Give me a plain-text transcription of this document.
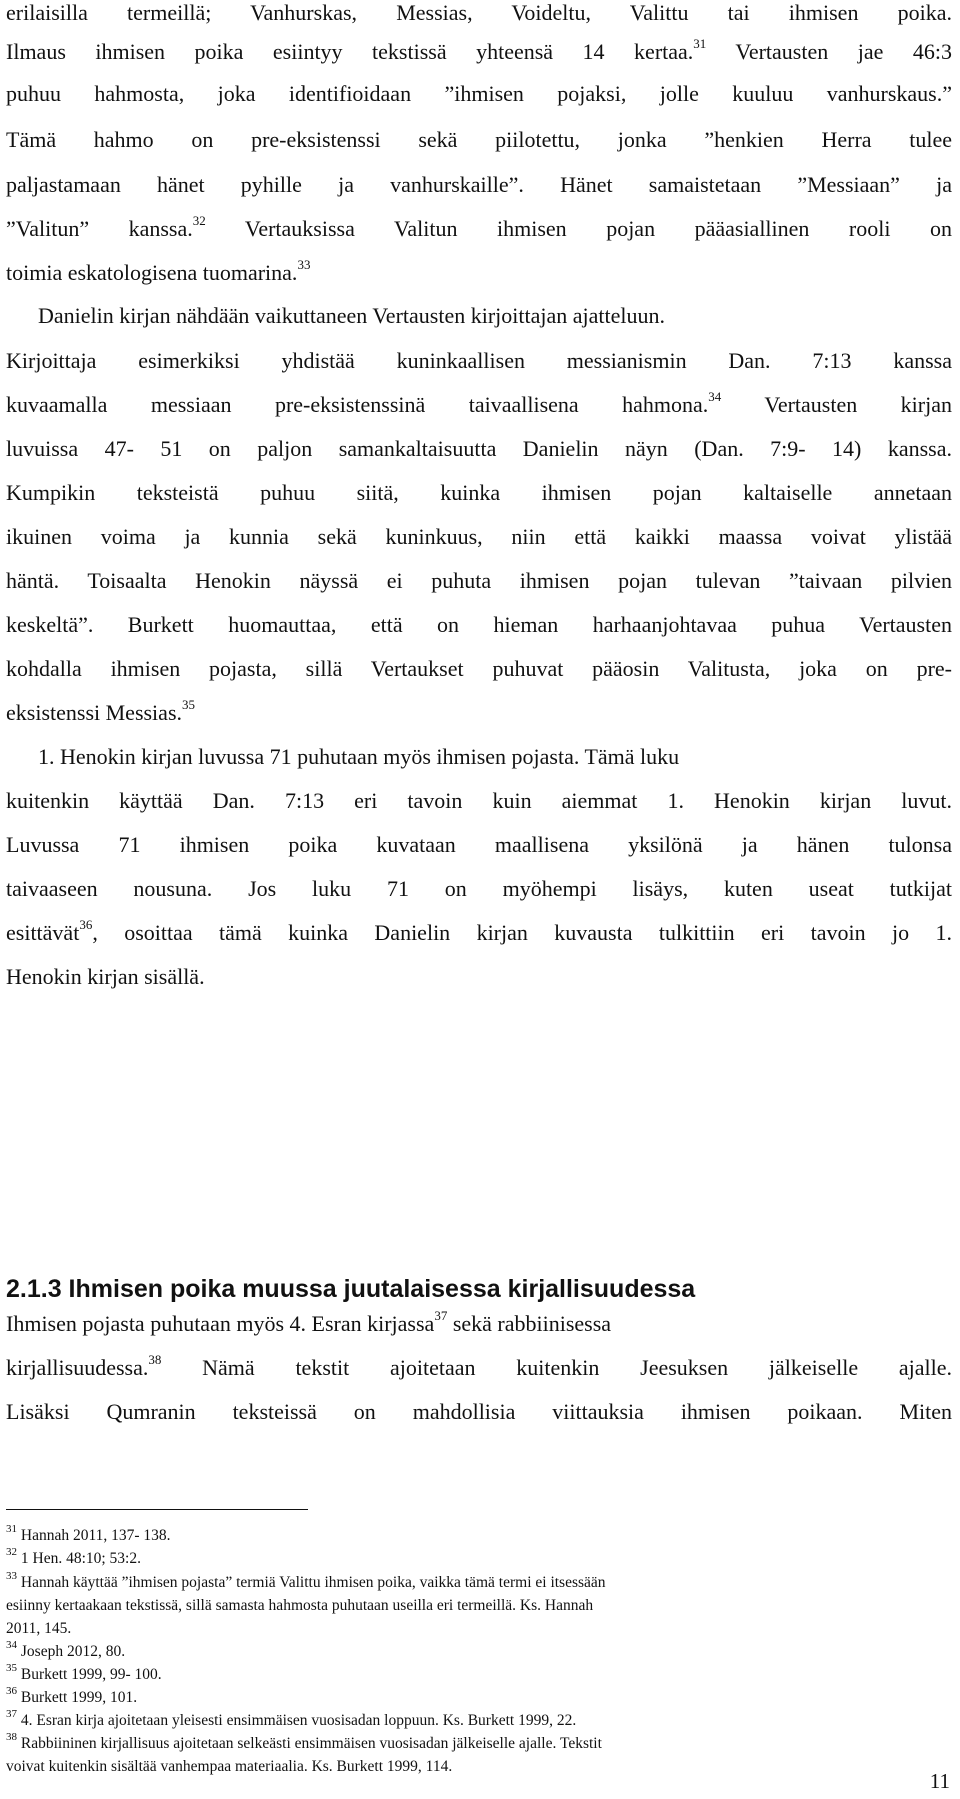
erilaisilla termeillä; Vanhurskas, Messias, Voideltu, Valittu tai ihmisen poika.
Ilmaus ihmisen poika esiintyy tekstissä yhteensä 14 kertaa.$^{31}$ Vertausten jae 46:3
puhuu hahmosta, joka identifioidaan ”ihmisen pojaksi, jolle kuuluu vanhurskaus.”
Tämä hahmo on pre-eksistenssi sekä piilotettu, jonka ”henkien Herra tulee
paljastamaan hänet pyhille ja vanhurskaille”. Hänet samaistetaan ”Messiaan” ja
”Valitun” kanssa.$^{32}$ Vertauksissa Valitun ihmisen pojan pääasiallinen rooli on
toimia eskatologisena tuomarina.$^{33}$
Danielin kirjan nähdään vaikuttaneen Vertausten kirjoittajan ajatteluun.
Kirjoittaja esimerkiksi yhdistää kuninkaallisen messianismin Dan. 7:13 kanssa
kuvaamalla messiaan pre-eksistenssinä taivaallisena hahmona.$^{34}$ Vertausten kirjan
luvuissa 47- 51 on paljon samankaltaisuutta Danielin näyn (Dan. 7:9- 14) kanssa.
Kumpikin teksteistä puhuu siitä, kuinka ihmisen pojan kaltaiselle annetaan
ikuinen voima ja kunnia sekä kuninkuus, niin että kaikki maassa voivat ylistää
häntä. Toisaalta Henokin näyssä ei puhuta ihmisen pojan tulevan ”taivaan pilvien
keskeltä”. Burkett huomauttaa, että on hieman harhaanjohtavaa puhua Vertausten
kohdalla ihmisen pojasta, sillä Vertaukset puhuvat pääosin Valitusta, joka on pre-
eksistenssi Messias.$^{35}$
1. Henokin kirjan luvussa 71 puhutaan myös ihmisen pojasta. Tämä luku
kuitenkin käyttää Dan. 7:13 eri tavoin kuin aiemmat 1. Henokin kirjan luvut.
Luvussa 71 ihmisen poika kuvataan maallisena yksilönä ja hänen tulonsa
taivaaseen nousuna. Jos luku 71 on myöhempi lisäys, kuten useat tutkijat
esittävät$^{36}$, osoittaa tämä kuinka Danielin kirjan kuvausta tulkittiin eri tavoin jo 1.
Henokin kirjan sisällä.
2.1.3 Ihmisen poika muussa juutalaisessa kirjallisuudessa
Ihmisen pojasta puhutaan myös 4. Esran kirjassa$^{37}$ sekä rabbiinisessa
kirjallisuudessa.$^{38}$ Nämä tekstit ajoitetaan kuitenkin Jeesuksen jälkeiselle ajalle.
Lisäksi Qumranin teksteissä on mahdollisia viittauksia ihmisen poikaan. Miten
$^{31}$ Hannah 2011, 137- 138.
$^{32}$ 1 Hen. 48:10; 53:2.
$^{33}$ Hannah käyttää ”ihmisen pojasta” termiä Valittu ihmisen poika, vaikka tämä termi ei itsessään
esiinny kertaakaan tekstissä, sillä samasta hahmosta puhutaan useilla eri termeillä. Ks. Hannah
2011, 145.
$^{34}$ Joseph 2012, 80.
$^{35}$ Burkett 1999, 99- 100.
$^{36}$ Burkett 1999, 101.
$^{37}$ 4. Esran kirja ajoitetaan yleisesti ensimmäisen vuosisadan loppuun. Ks. Burkett 1999, 22.
$^{38}$ Rabbiininen kirjallisuus ajoitetaan selkeästi ensimmäisen vuosisadan jälkeiselle ajalle. Tekstit
voivat kuitenkin sisältää vanhempaa materiaalia. Ks. Burkett 1999, 114.
11
